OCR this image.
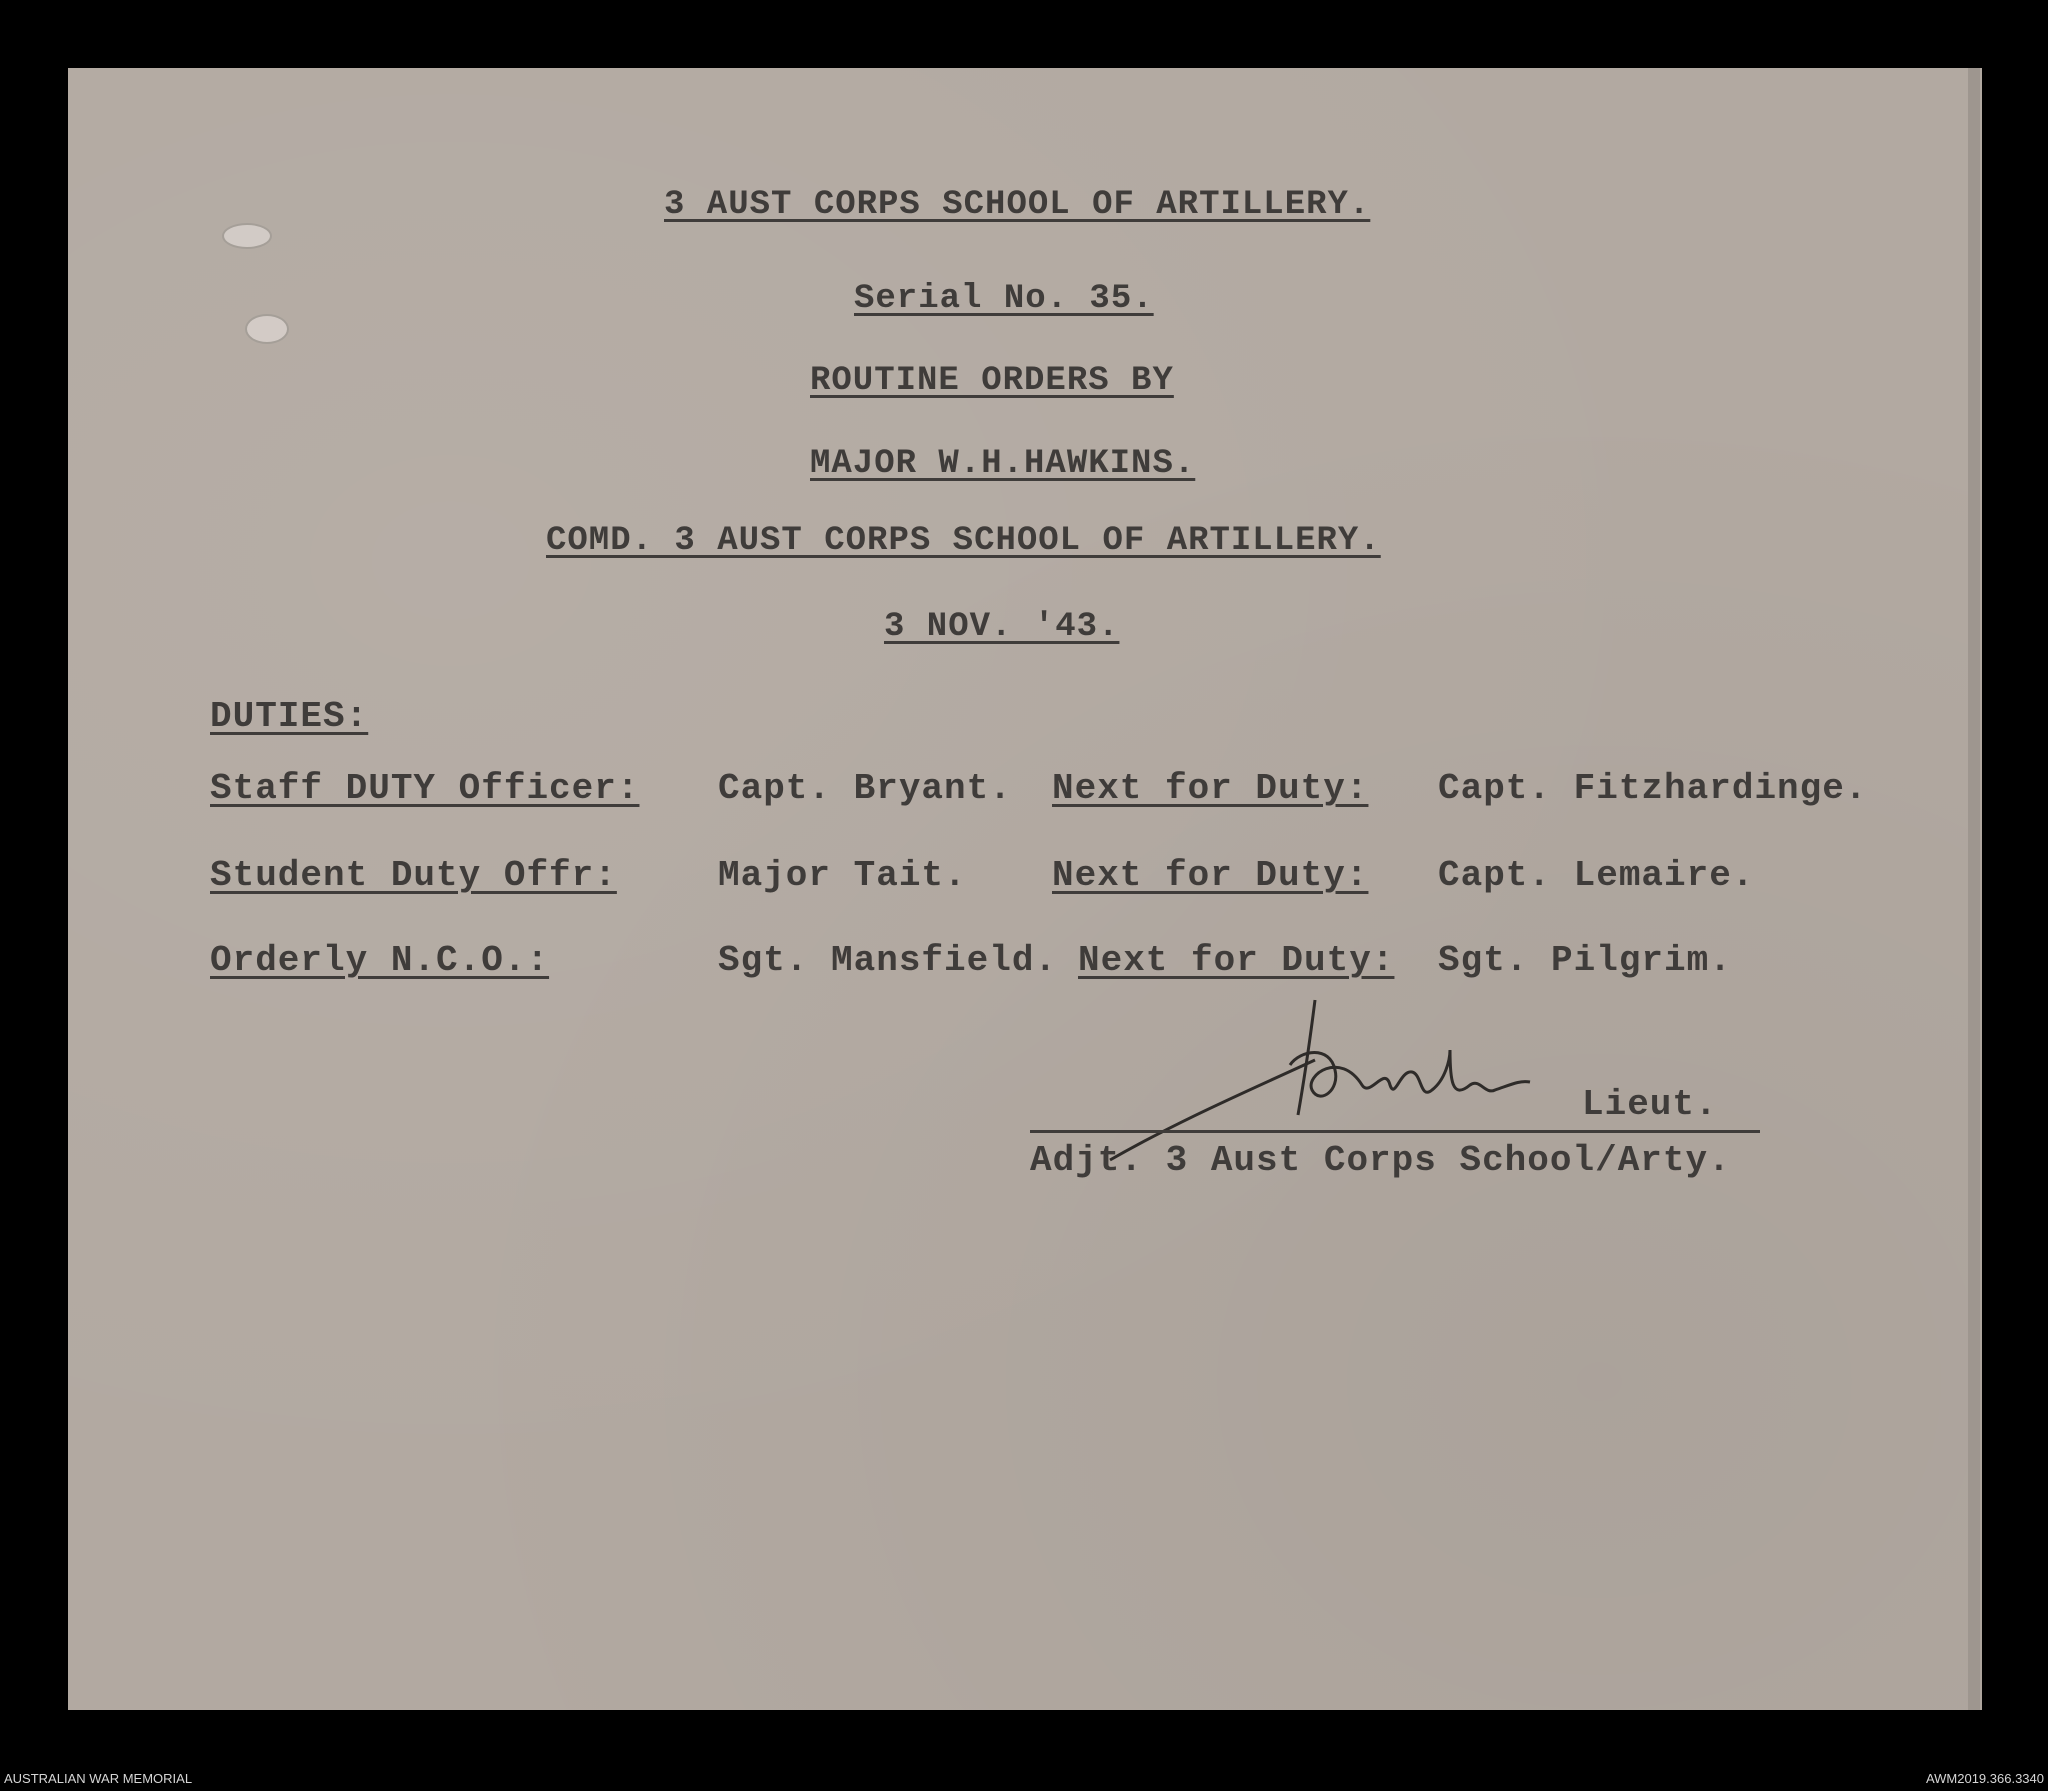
3 AUST CORPS SCHOOL OF ARTILLERY.
Serial No. 35.
ROUTINE ORDERS BY
MAJOR W.H.HAWKINS.
COMD. 3 AUST CORPS SCHOOL OF ARTILLERY.
3 NOV. '43.
DUTIES:
Staff DUTY Officer: Capt. Bryant. Next for Duty: Capt. Fitzhardinge.
Student Duty Offr:	Major Tait. Next for Duty: Capt. Lemaire.
Orderly N.C.O.:	Sgt. Mansfield. Next for Duty: Sgt. Pilgrim.
Lieut.
Adjt. 3 Aust Corps School/Arty.
AUSTRALIAN WAR MEMORIAL	AWM2019.366.3340
